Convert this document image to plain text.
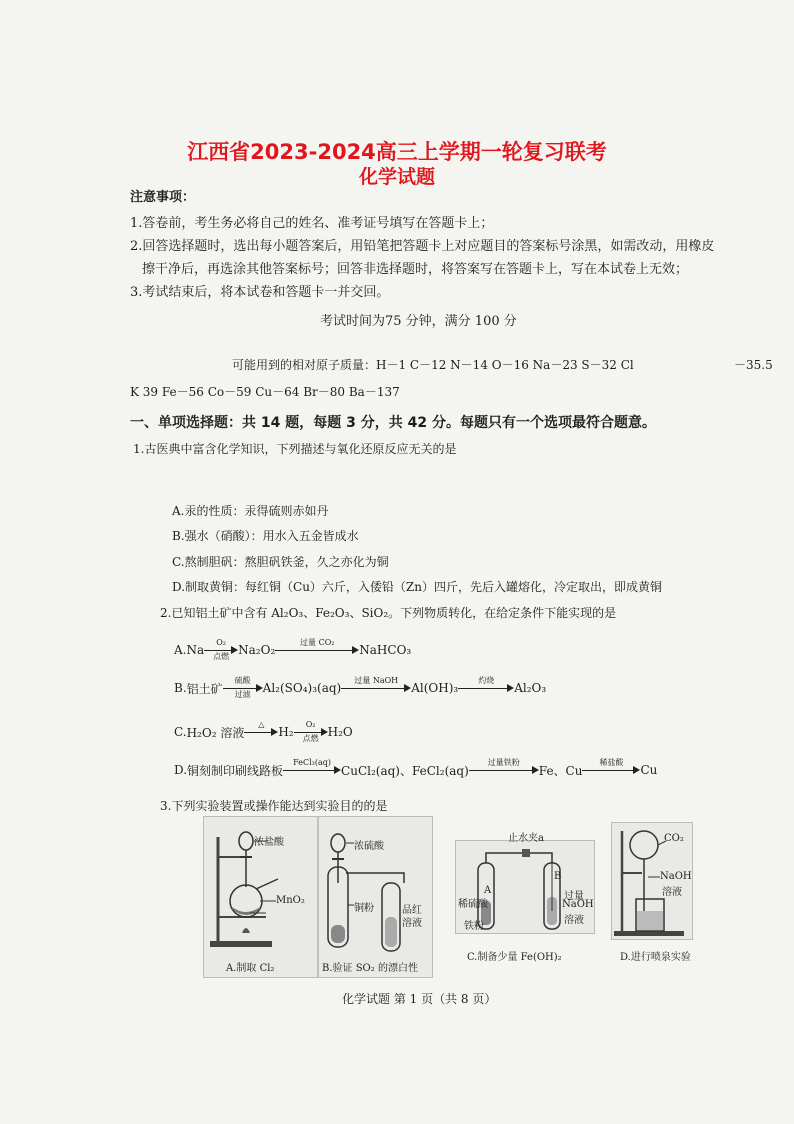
江西省2023-2024高三上学期一轮复习联考
化学试题
注意事项：
1.答卷前，考生务必将自己的姓名、准考证号填写在答题卡上；
2.回答选择题时，选出每小题答案后，用铅笔把答题卡上对应题目的答案标号涂黑，如需改动，用橡皮
擦干净后，再选涂其他答案标号；回答非选择题时，将答案写在答题卡上，写在本试卷上无效；
3.考试结束后，将本试卷和答题卡一并交回。
考试时间为75 分钟，满分 100 分
可能用到的相对原子质量：H－1 C－12 N－14 O－16 Na－23 S－32 Cl	－35.5
K 39 Fe－56 Co－59 Cu－64 Br－80 Ba－137
一、单项选择题：共 14 题，每题 3 分，共 42 分。每题只有一个选项最符合题意。
1.古医典中富含化学知识，下列描述与氧化还原反应无关的是
A.汞的性质：汞得硫则赤如丹
B.强水（硝酸）：用水入五金皆成水
C.熬制胆矾：熬胆矾铁釜，久之亦化为铜
D.制取黄铜：每红铜（Cu）六斤，入倭铅（Zn）四斤，先后入罐熔化，冷定取出，即成黄铜
2.已知铝土矿中含有 Al₂O₃、Fe₂O₃、SiO₂。下列物质转化，在给定条件下能实现的是
A. Na
O₂
点燃 Na₂O₂
过量 CO₂
NaHCO₃
B. 铝土矿
硫酸
过滤	Al₂(SO₄)₃(aq)
过量 NaOH
Al(OH)₃
灼烧
Al₂O₃
C. H₂O₂ 溶液
△
H₂
O₂
点燃 H₂O
D. 铜刻制印刷线路板
FeCl₃(aq)
CuCl₂(aq)、FeCl₂(aq)
过量铁粉
Fe、Cu
稀盐酸
Cu
3.下列实验装置或操作能达到实验目的的是
浓盐酸
MnO₂
浓硫酸
铜粉	品红
溶液
A.制取 Cl₂	B.验证 SO₂ 的漂白性
止水夹a
A
B
稀硫酸
铁粉
过量
NaOH
溶液
C.制备少量 Fe(OH)₂
CO₂
NaOH
溶液
D.进行喷泉实验
化学试题 第 1 页（共 8 页）
